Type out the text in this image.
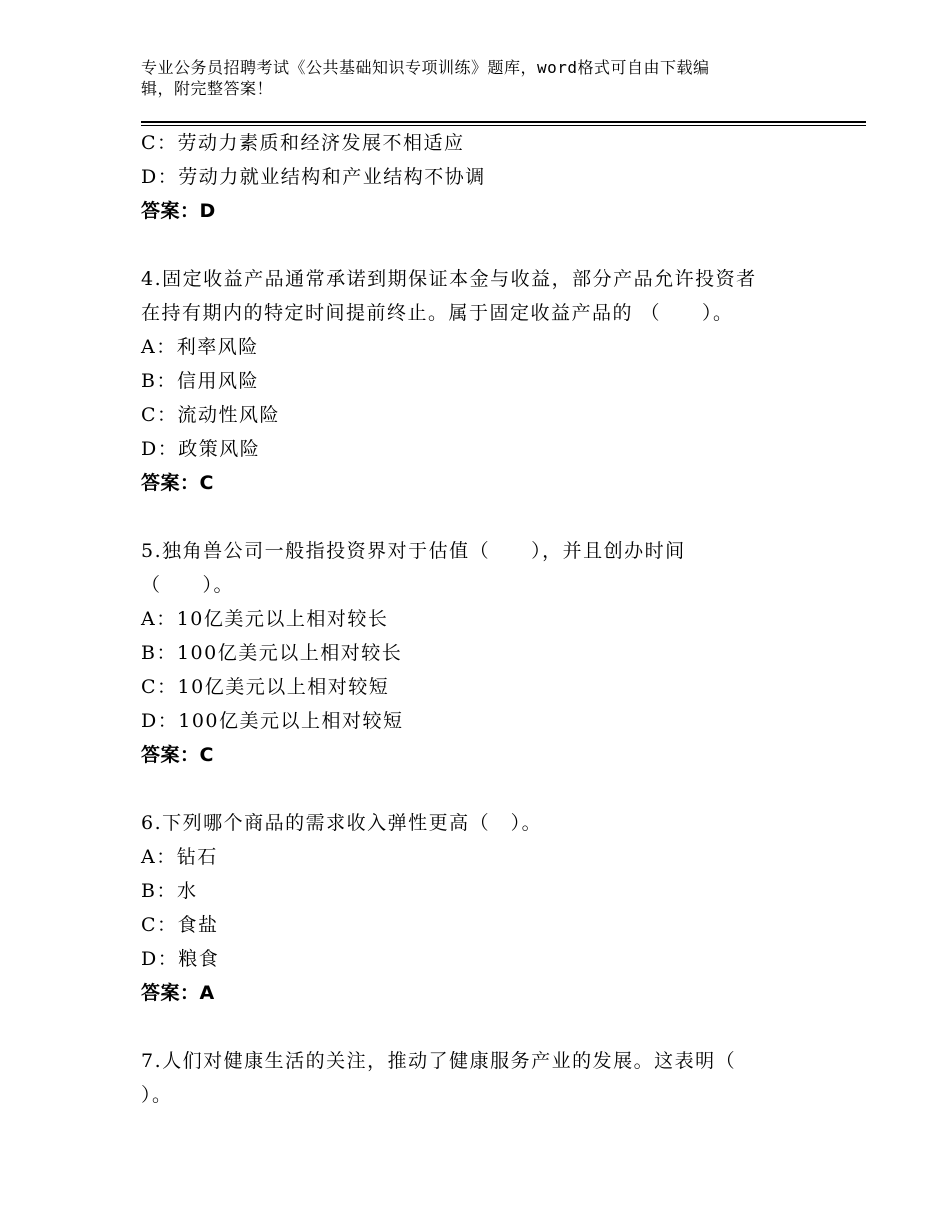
专业公务员招聘考试《公共基础知识专项训练》题库，word格式可自由下载编
辑，附完整答案！
C：劳动力素质和经济发展不相适应
D：劳动力就业结构和产业结构不协调
答案：D
4.固定收益产品通常承诺到期保证本金与收益，部分产品允许投资者
在持有期内的特定时间提前终止。属于固定收益产品的 （　　）。
A：利率风险
B：信用风险
C：流动性风险
D：政策风险
答案：C
5.独角兽公司一般指投资界对于估值（　　），并且创办时间
（　　）。
A：10亿美元以上相对较长
B：100亿美元以上相对较长
C：10亿美元以上相对较短
D：100亿美元以上相对较短
答案：C
6.下列哪个商品的需求收入弹性更高（　）。
A：钻石
B：水
C：食盐
D：粮食
答案：A
7.人们对健康生活的关注，推动了健康服务产业的发展。这表明（
）。
